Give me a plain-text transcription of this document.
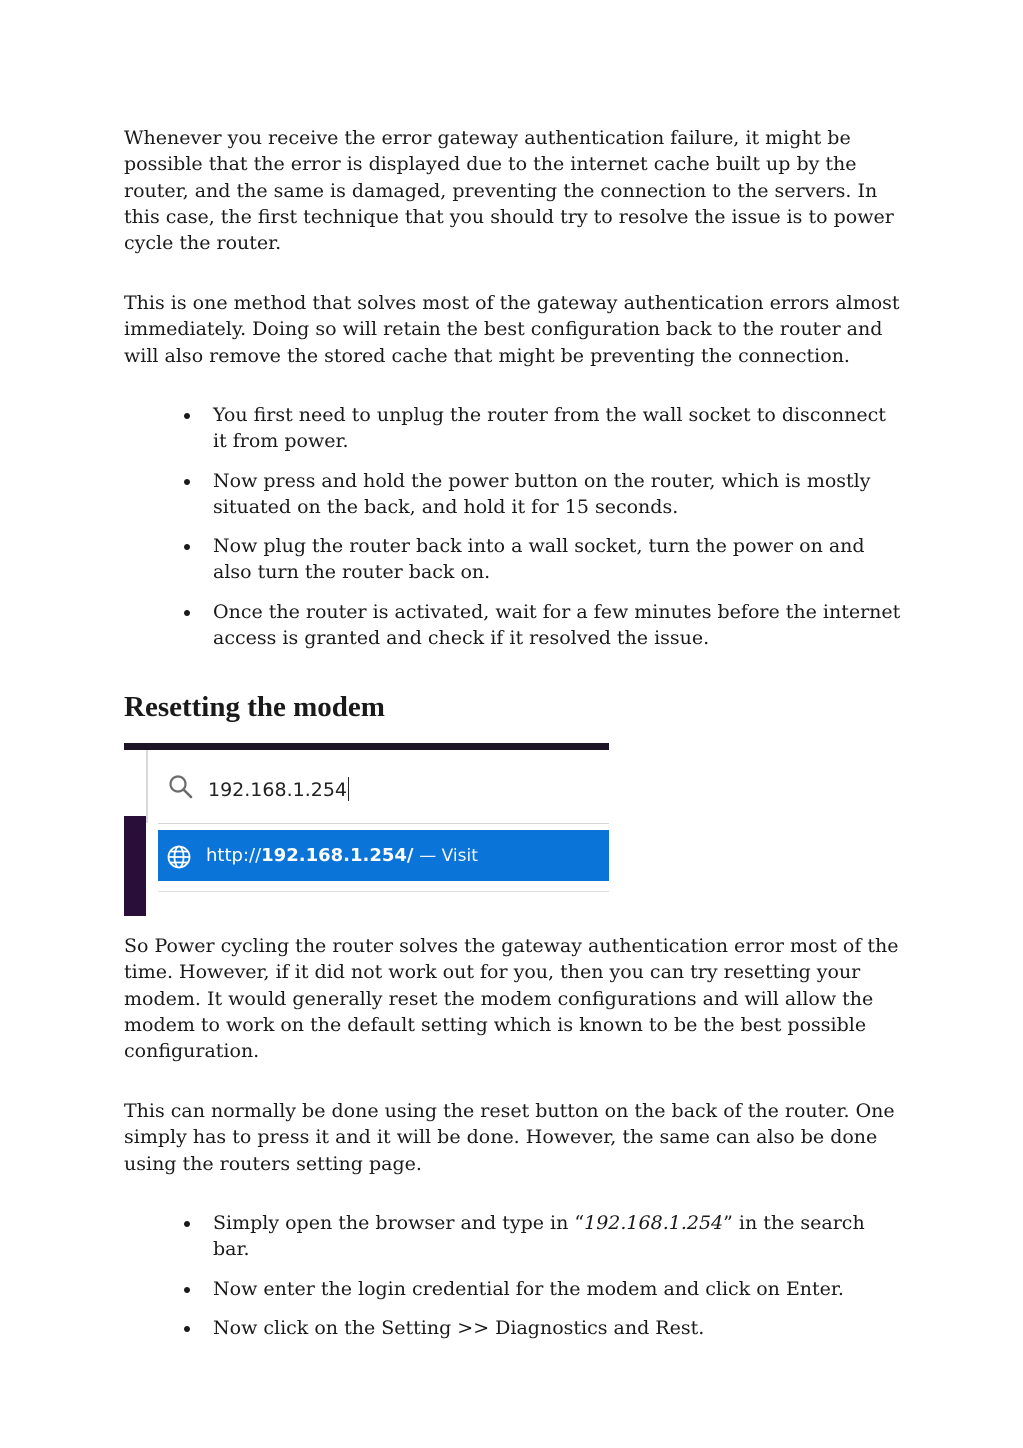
Whenever you receive the error gateway authentication failure, it might be possible that the error is displayed due to the internet cache built up by the router, and the same is damaged, preventing the connection to the servers. In this case, the first technique that you should try to resolve the issue is to power cycle the router.

This is one method that solves most of the gateway authentication errors almost immediately. Doing so will retain the best configuration back to the router and will also remove the stored cache that might be preventing the connection.

You first need to unplug the router from the wall socket to disconnect it from power.
Now press and hold the power button on the router, which is mostly situated on the back, and hold it for 15 seconds.
Now plug the router back into a wall socket, turn the power on and also turn the router back on.
Once the router is activated, wait for a few minutes before the internet access is granted and check if it resolved the issue.
Resetting the modem

So Power cycling the router solves the gateway authentication error most of the time. However, if it did not work out for you, then you can try resetting your modem. It would generally reset the modem configurations and will allow the modem to work on the default setting which is known to be the best possible configuration.

This can normally be done using the reset button on the back of the router. One simply has to press it and it will be done. However, the same can also be done using the routers setting page.

Simply open the browser and type in “192.168.1.254” in the search bar.
Now enter the login credential for the modem and click on Enter.
Now click on the Setting >> Diagnostics and Rest.
192.168.1.254
http://192.168.1.254/ — Visit
